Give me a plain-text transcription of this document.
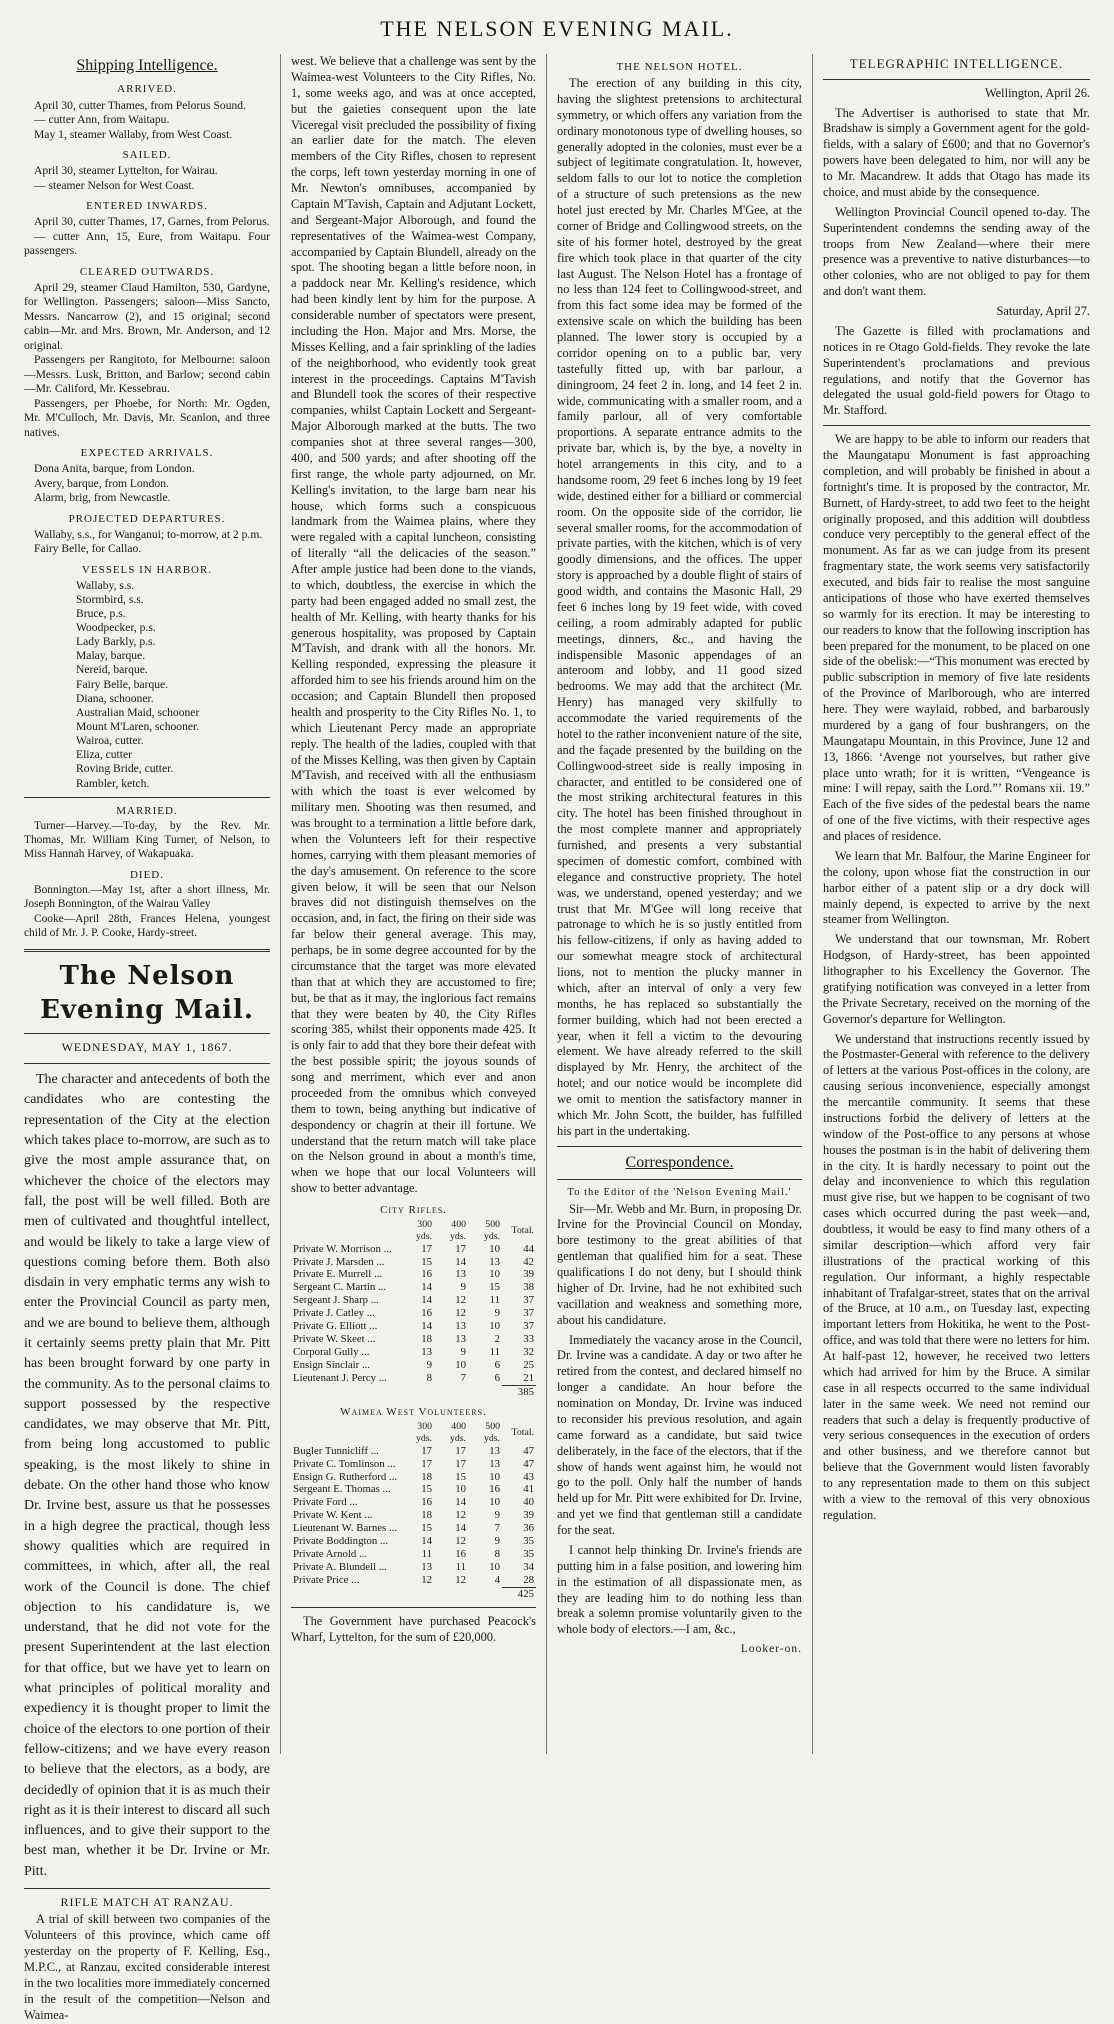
THE NELSON EVENING MAIL.
Shipping Intelligence.
ARRIVED.

April 30, cutter Thames, from Pelorus Sound.

— cutter Ann, from Waitapu.

May 1, steamer Wallaby, from West Coast.

SAILED.

April 30, steamer Lyttelton, for Wairau.

— steamer Nelson for West Coast.

ENTERED INWARDS.

April 30, cutter Thames, 17, Garnes, from Pelorus.

— cutter Ann, 15, Eure, from Waitapu. Four passengers.

CLEARED OUTWARDS.

April 29, steamer Claud Hamilton, 530, Gardyne, for Wellington. Passengers; saloon—Miss Sancto, Messrs. Nancarrow (2), and 15 original; second cabin—Mr. and Mrs. Brown, Mr. Anderson, and 12 original.

Passengers per Rangitoto, for Melbourne: saloon—Messrs. Lusk, Britton, and Barlow; second cabin—Mr. Califord, Mr. Kessebrau.

Passengers, per Phoebe, for North: Mr. Ogden, Mr. M'Culloch, Mr. Davis, Mr. Scanlon, and three natives.

EXPECTED ARRIVALS.

Dona Anita, barque, from London.

Avery, barque, from London.

Alarm, brig, from Newcastle.

PROJECTED DEPARTURES.

Wallaby, s.s., for Wanganui; to-morrow, at 2 p.m.

Fairy Belle, for Callao.

VESSELS IN HARBOR.

Wallaby, s.s.

Stormbird, s.s.

Bruce, p.s.

Woodpecker, p.s.

Lady Barkly, p.s.

Malay, barque.

Nereid, barque.

Fairy Belle, barque.

Diana, schooner.

Australian Maid, schooner

Mount M'Laren, schooner.

Wairoa, cutter.

Eliza, cutter

Roving Bride, cutter.

Rambler, ketch.

MARRIED.

Turner—Harvey.—To-day, by the Rev. Mr. Thomas, Mr. William King Turner, of Nelson, to Miss Hannah Harvey, of Wakapuaka.

DIED.

Bonnington.—May 1st, after a short illness, Mr. Joseph Bonnington, of the Wairau Valley

Cooke—April 28th, Frances Helena, youngest child of Mr. J. P. Cooke, Hardy-street.

The Nelson Evening Mail.
WEDNESDAY, MAY 1, 1867.

The character and antecedents of both the candidates who are contesting the representation of the City at the election which takes place to-morrow, are such as to give the most ample assurance that, on whichever the choice of the electors may fall, the post will be well filled. Both are men of cultivated and thoughtful intellect, and would be likely to take a large view of questions coming before them. Both also disdain in very emphatic terms any wish to enter the Provincial Council as party men, and we are bound to believe them, although it certainly seems pretty plain that Mr. Pitt has been brought forward by one party in the community. As to the personal claims to support possessed by the respective candidates, we may observe that Mr. Pitt, from being long accustomed to public speaking, is the most likely to shine in debate. On the other hand those who know Dr. Irvine best, assure us that he possesses in a high degree the practical, though less showy qualities which are required in committees, in which, after all, the real work of the Council is done. The chief objection to his candidature is, we understand, that he did not vote for the present Superintendent at the last election for that office, but we have yet to learn on what principles of political morality and expediency it is thought proper to limit the choice of the electors to one portion of their fellow-citizens; and we have every reason to believe that the electors, as a body, are decidedly of opinion that it is as much their right as it is their interest to discard all such influences, and to give their support to the best man, whether it be Dr. Irvine or Mr. Pitt.

RIFLE MATCH AT RANZAU.

A trial of skill between two companies of the Volunteers of this province, which came off yesterday on the property of F. Kelling, Esq., M.P.C., at Ranzau, excited considerable interest in the two localities more immediately concerned in the result of the competition—Nelson and Waimea-

west. We believe that a challenge was sent by the Waimea-west Volunteers to the City Rifles, No. 1, some weeks ago, and was at once accepted, but the gaieties consequent upon the late Viceregal visit precluded the possibility of fixing an earlier date for the match. The eleven members of the City Rifles, chosen to represent the corps, left town yesterday morning in one of Mr. Newton's omnibuses, accompanied by Captain M'Tavish, Captain and Adjutant Lockett, and Sergeant-Major Alborough, and found the representatives of the Waimea-west Company, accompanied by Captain Blundell, already on the spot. The shooting began a little before noon, in a paddock near Mr. Kelling's residence, which had been kindly lent by him for the purpose. A considerable number of spectators were present, including the Hon. Major and Mrs. Morse, the Misses Kelling, and a fair sprinkling of the ladies of the neighborhood, who evidently took great interest in the proceedings. Captains M'Tavish and Blundell took the scores of their respective companies, whilst Captain Lockett and Sergeant-Major Alborough marked at the butts. The two companies shot at three several ranges—300, 400, and 500 yards; and after shooting off the first range, the whole party adjourned, on Mr. Kelling's invitation, to the large barn near his house, which forms such a conspicuous landmark from the Waimea plains, where they were regaled with a capital luncheon, consisting of literally “all the delicacies of the season.” After ample justice had been done to the viands, to which, doubtless, the exercise in which the party had been engaged added no small zest, the health of Mr. Kelling, with hearty thanks for his generous hospitality, was proposed by Captain M'Tavish, and drank with all the honors. Mr. Kelling responded, expressing the pleasure it afforded him to see his friends around him on the occasion; and Captain Blundell then proposed health and prosperity to the City Rifles No. 1, to which Lieutenant Percy made an appropriate reply. The health of the ladies, coupled with that of the Misses Kelling, was then given by Captain M'Tavish, and received with all the enthusiasm with which the toast is ever welcomed by military men. Shooting was then resumed, and was brought to a termination a little before dark, when the Volunteers left for their respective homes, carrying with them pleasant memories of the day's amusement. On reference to the score given below, it will be seen that our Nelson braves did not distinguish themselves on the occasion, and, in fact, the firing on their side was far below their general average. This may, perhaps, be in some degree accounted for by the circumstance that the target was more elevated than that at which they are accustomed to fire; but, be that as it may, the inglorious fact remains that they were beaten by 40, the City Rifles scoring 385, whilst their opponents made 425. It is only fair to add that they bore their defeat with the best possible spirit; the joyous sounds of song and merriment, which ever and anon proceeded from the omnibus which conveyed them to town, being anything but indicative of despondency or chagrin at their ill fortune. We understand that the return match will take place on the Nelson ground in about a month's time, when we hope that our local Volunteers will show to better advantage.

City Rifles.
	300 yds.	400 yds.	500 yds.	Total.
Private W. Morrison ...	17	17	10	44
Private J. Marsden ...	15	14	13	42
Private E. Murrell ...	16	13	10	39
Sergeant C. Martin ...	14	9	15	38
Sergeant J. Sharp ...	14	12	11	37
Private J. Catley ...	16	12	9	37
Private G. Elliott ...	14	13	10	37
Private W. Skeet ...	18	13	2	33
Corporal Gully ...	13	9	11	32
Ensign Sinclair ...	9	10	6	25
Lieutenant J. Percy ...	8	7	6	21
				385
Waimea West Volunteers.
	300 yds.	400 yds.	500 yds.	Total.
Bugler Tunnicliff ...	17	17	13	47
Private C. Tomlinson ...	17	17	13	47
Ensign G. Rutherford ...	18	15	10	43
Sergeant E. Thomas ...	15	10	16	41
Private Ford ...	16	14	10	40
Private W. Kent ...	18	12	9	39
Lieutenant W. Barnes ...	15	14	7	36
Private Boddington ...	14	12	9	35
Private Arnold ...	11	16	8	35
Private A. Blundell ...	13	11	10	34
Private Price ...	12	12	4	28
				425

The Government have purchased Peacock's Wharf, Lyttelton, for the sum of £20,000.

THE NELSON HOTEL.

The erection of any building in this city, having the slightest pretensions to architectural symmetry, or which offers any variation from the ordinary monotonous type of dwelling houses, so generally adopted in the colonies, must ever be a subject of legitimate congratulation. It, however, seldom falls to our lot to notice the completion of a structure of such pretensions as the new hotel just erected by Mr. Charles M'Gee, at the corner of Bridge and Collingwood streets, on the site of his former hotel, destroyed by the great fire which took place in that quarter of the city last August. The Nelson Hotel has a frontage of no less than 124 feet to Collingwood-street, and from this fact some idea may be formed of the extensive scale on which the building has been planned. The lower story is occupied by a corridor opening on to a public bar, very tastefully fitted up, with bar parlour, a diningroom, 24 feet 2 in. long, and 14 feet 2 in. wide, communicating with a smaller room, and a family parlour, all of very comfortable proportions. A separate entrance admits to the private bar, which is, by the bye, a novelty in hotel arrangements in this city, and to a handsome room, 29 feet 6 inches long by 19 feet wide, destined either for a billiard or commercial room. On the opposite side of the corridor, lie several smaller rooms, for the accommodation of private parties, with the kitchen, which is of very goodly dimensions, and the offices. The upper story is approached by a double flight of stairs of good width, and contains the Masonic Hall, 29 feet 6 inches long by 19 feet wide, with coved ceiling, a room admirably adapted for public meetings, dinners, &c., and having the indispensible Masonic appendages of an anteroom and lobby, and 11 good sized bedrooms. We may add that the architect (Mr. Henry) has managed very skilfully to accommodate the varied requirements of the hotel to the rather inconvenient nature of the site, and the façade presented by the building on the Collingwood-street side is really imposing in character, and entitled to be considered one of the most striking architectural features in this city. The hotel has been finished throughout in the most complete manner and appropriately furnished, and presents a very substantial specimen of domestic comfort, combined with elegance and constructive propriety. The hotel was, we understand, opened yesterday; and we trust that Mr. M'Gee will long receive that patronage to which he is so justly entitled from his fellow-citizens, if only as having added to our somewhat meagre stock of architectural lions, not to mention the plucky manner in which, after an interval of only a very few months, he has replaced so substantially the former building, which had not been erected a year, when it fell a victim to the devouring element. We have already referred to the skill displayed by Mr. Henry, the architect of the hotel; and our notice would be incomplete did we omit to mention the satisfactory manner in which Mr. John Scott, the builder, has fulfilled his part in the undertaking.

Correspondence.
To the Editor of the 'Nelson Evening Mail.'

Sir—Mr. Webb and Mr. Burn, in proposing Dr. Irvine for the Provincial Council on Monday, bore testimony to the great abilities of that gentleman that qualified him for a seat. These qualifications I do not deny, but I should think higher of Dr. Irvine, had he not exhibited such vacillation and weakness and something more, about his candidature.

Immediately the vacancy arose in the Council, Dr. Irvine was a candidate. A day or two after he retired from the contest, and declared himself no longer a candidate. An hour before the nomination on Monday, Dr. Irvine was induced to reconsider his previous resolution, and again came forward as a candidate, but said twice deliberately, in the face of the electors, that if the show of hands went against him, he would not go to the poll. Only half the number of hands held up for Mr. Pitt were exhibited for Dr. Irvine, and yet we find that gentleman still a candidate for the seat.

I cannot help thinking Dr. Irvine's friends are putting him in a false position, and lowering him in the estimation of all dispassionate men, as they are leading him to do nothing less than break a solemn promise voluntarily given to the whole body of electors.—I am, &c.,

Looker-on.
TELEGRAPHIC INTELLIGENCE.
Wellington, April 26.

The Advertiser is authorised to state that Mr. Bradshaw is simply a Government agent for the gold-fields, with a salary of £600; and that no Governor's powers have been delegated to him, nor will any be to Mr. Macandrew. It adds that Otago has made its choice, and must abide by the consequence.

Wellington Provincial Council opened to-day. The Superintendent condemns the sending away of the troops from New Zealand—where their mere presence was a preventive to native disturbances—to other colonies, who are not obliged to pay for them and don't want them.

Saturday, April 27.

The Gazette is filled with proclamations and notices in re Otago Gold-fields. They revoke the late Superintendent's proclamations and previous regulations, and notify that the Governor has delegated the usual gold-field powers for Otago to Mr. Stafford.

We are happy to be able to inform our readers that the Maungatapu Monument is fast approaching completion, and will probably be finished in about a fortnight's time. It is proposed by the contractor, Mr. Burnett, of Hardy-street, to add two feet to the height originally proposed, and this addition will doubtless conduce very perceptibly to the general effect of the monument. As far as we can judge from its present fragmentary state, the work seems very satisfactorily executed, and bids fair to realise the most sanguine anticipations of those who have exerted themselves so warmly for its erection. It may be interesting to our readers to know that the following inscription has been prepared for the monument, to be placed on one side of the obelisk:—“This monument was erected by public subscription in memory of five late residents of the Province of Marlborough, who are interred here. They were waylaid, robbed, and barbarously murdered by a gang of four bushrangers, on the Maungatapu Mountain, in this Province, June 12 and 13, 1866. ‘Avenge not yourselves, but rather give place unto wrath; for it is written, “Vengeance is mine: I will repay, saith the Lord.”’ Romans xii. 19.” Each of the five sides of the pedestal bears the name of one of the five victims, with their respective ages and places of residence.

We learn that Mr. Balfour, the Marine Engineer for the colony, upon whose fiat the construction in our harbor either of a patent slip or a dry dock will mainly depend, is expected to arrive by the next steamer from Wellington.

We understand that our townsman, Mr. Robert Hodgson, of Hardy-street, has been appointed lithographer to his Excellency the Governor. The gratifying notification was conveyed in a letter from the Private Secretary, received on the morning of the Governor's departure for Wellington.

We understand that instructions recently issued by the Postmaster-General with reference to the delivery of letters at the various Post-offices in the colony, are causing serious inconvenience, especially amongst the mercantile community. It seems that these instructions forbid the delivery of letters at the window of the Post-office to any persons at whose houses the postman is in the habit of delivering them in the city. It is hardly necessary to point out the delay and inconvenience to which this regulation must give rise, but we happen to be cognisant of two cases which occurred during the past week—and, doubtless, it would be easy to find many others of a similar description—which afford very fair illustrations of the practical working of this regulation. Our informant, a highly respectable inhabitant of Trafalgar-street, states that on the arrival of the Bruce, at 10 a.m., on Tuesday last, expecting important letters from Hokitika, he went to the Post-office, and was told that there were no letters for him. At half-past 12, however, he received two letters which had arrived for him by the Bruce. A similar case in all respects occurred to the same individual later in the same week. We need not remind our readers that such a delay is frequently productive of very serious consequences in the execution of orders and other business, and we therefore cannot but believe that the Government would listen favorably to any representation made to them on this subject with a view to the removal of this very obnoxious regulation.
